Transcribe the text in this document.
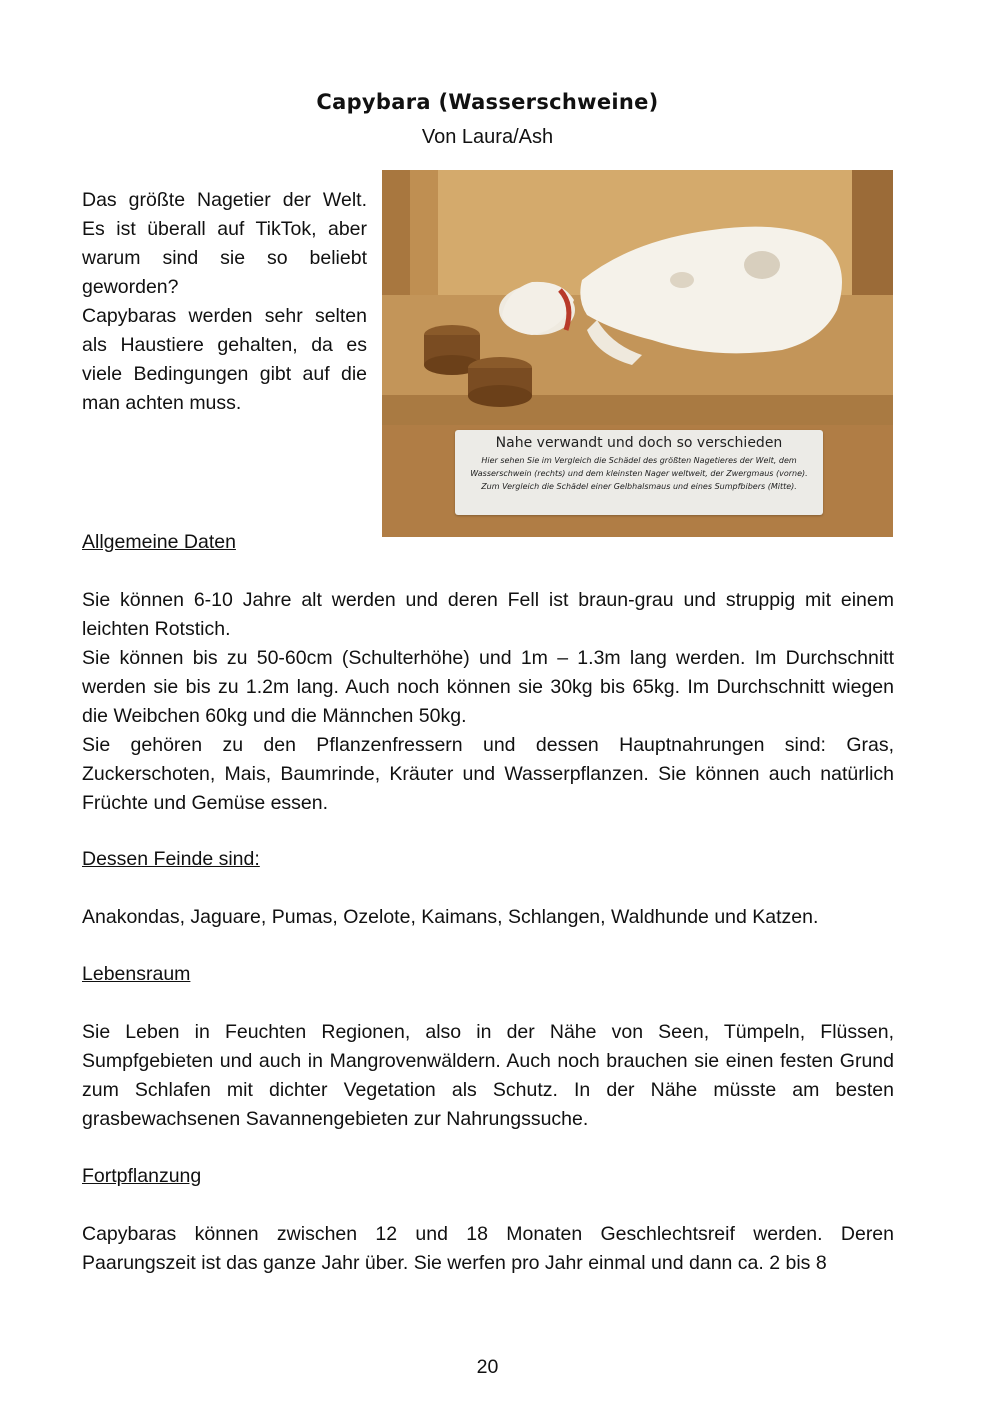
Capybara (Wasserschweine)
Von Laura/Ash

Das größte Nagetier der Welt. Es ist überall auf TikTok, aber warum sind sie so beliebt geworden?

Capybaras werden sehr selten als Haustiere gehalten, da es viele Bedingungen gibt auf die man achten muss.

Nahe verwandt und doch so verschieden
Hier sehen Sie im Vergleich die Schädel des größten Nagetieres der Welt, dem
Wasserschwein (rechts) und dem kleinsten Nager weltweit, der Zwergmaus (vorne).
Zum Vergleich die Schädel einer Gelbhalsmaus und eines Sumpfbibers (Mitte).
Allgemeine Daten

Sie können 6-10 Jahre alt werden und deren Fell ist braun-grau und struppig mit einem leichten Rotstich.

Sie können bis zu 50-60cm (Schulterhöhe) und 1m – 1.3m lang werden. Im Durchschnitt werden sie bis zu 1.2m lang. Auch noch können sie 30kg bis 65kg. Im Durchschnitt wiegen die Weibchen 60kg und die Männchen 50kg.

Sie gehören zu den Pflanzenfressern und dessen Hauptnahrungen sind: Gras, Zuckerschoten, Mais, Baumrinde, Kräuter und Wasserpflanzen. Sie können auch natürlich Früchte und Gemüse essen.

Dessen Feinde sind:

Anakondas, Jaguare, Pumas, Ozelote, Kaimans, Schlangen, Waldhunde und Katzen.

Lebensraum

Sie Leben in Feuchten Regionen, also in der Nähe von Seen, Tümpeln, Flüssen, Sumpfgebieten und auch in Mangrovenwäldern. Auch noch brauchen sie einen festen Grund zum Schlafen mit dichter Vegetation als Schutz. In der Nähe müsste am besten grasbewachsenen Savannengebieten zur Nahrungssuche.

Fortpflanzung

Capybaras können zwischen 12 und 18 Monaten Geschlechtsreif werden. Deren Paarungszeit ist das ganze Jahr über. Sie werfen pro Jahr einmal und dann ca. 2 bis 8

20
